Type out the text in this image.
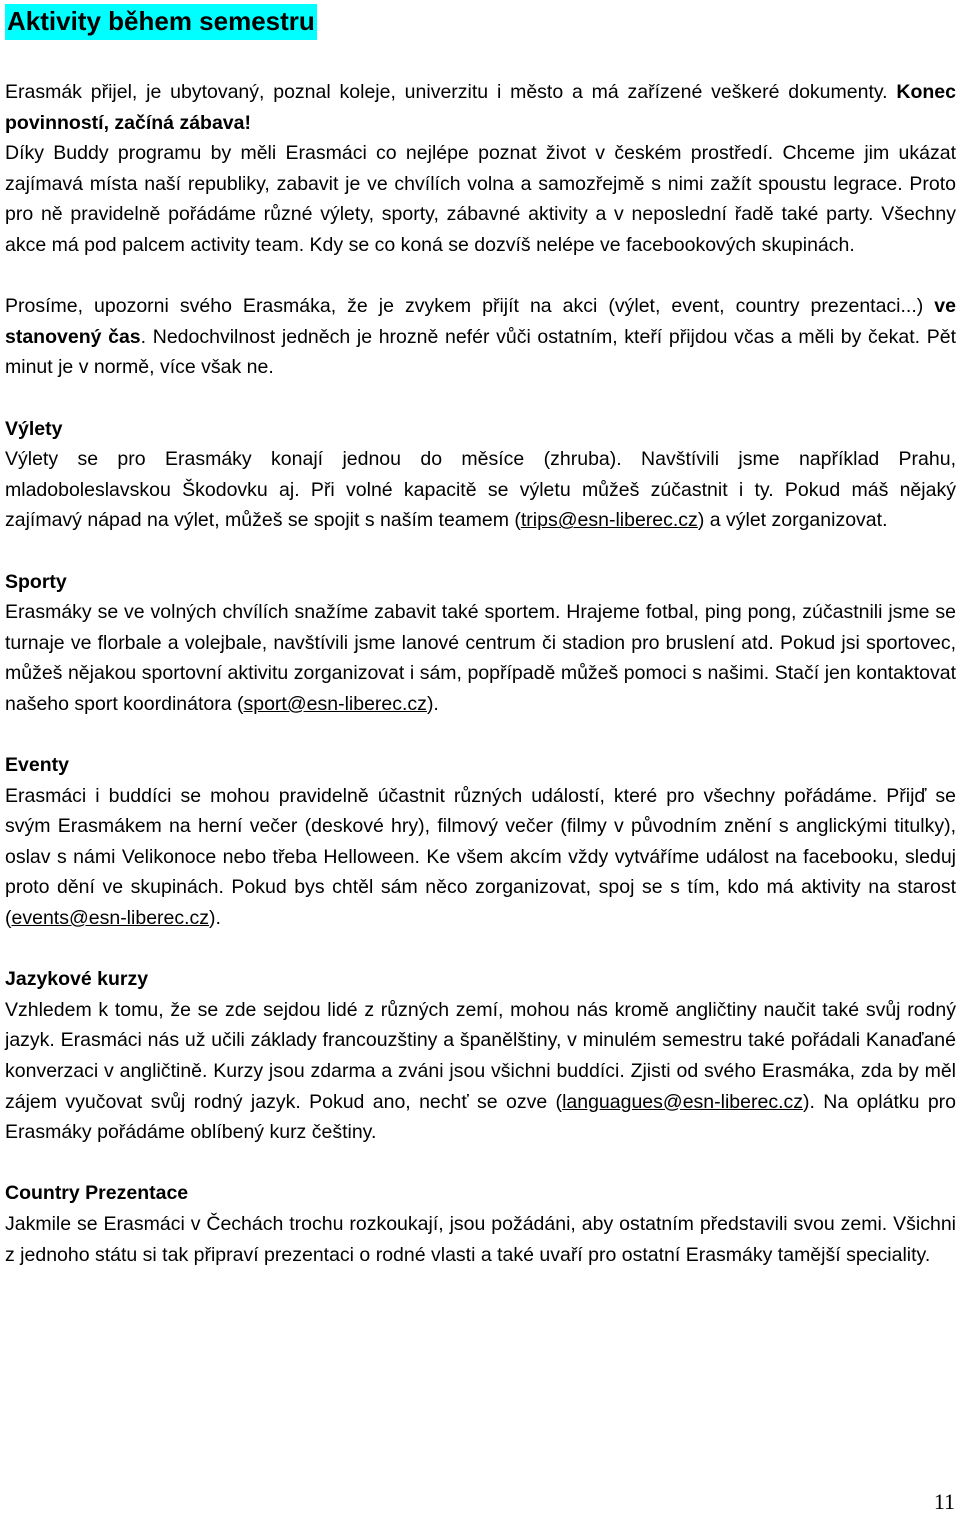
Aktivity během semestru

Erasmák přijel, je ubytovaný, poznal koleje, univerzitu i město a má zařízené veškeré dokumenty. Konec povinností, začíná zábava!

Díky Buddy programu by měli Erasmáci co nejlépe poznat život v českém prostředí. Chceme jim ukázat zajímavá místa naší republiky, zabavit je ve chvílích volna a samozřejmě s nimi zažít spoustu legrace. Proto pro ně pravidelně pořádáme různé výlety, sporty, zábavné aktivity a v neposlední řadě také party. Všechny akce má pod palcem activity team. Kdy se co koná se dozvíš nelépe ve facebookových skupinách.

Prosíme, upozorni svého Erasmáka, že je zvykem přijít na akci (výlet, event, country prezentaci...) ve stanovený čas. Nedochvilnost jedněch je hrozně nefér vůči ostatním, kteří přijdou včas a měli by čekat. Pět minut je v normě, více však ne.

Výlety

Výlety se pro Erasmáky konají jednou do měsíce (zhruba). Navštívili jsme například Prahu, mladoboleslavskou Škodovku aj. Při volné kapacitě se výletu můžeš zúčastnit i ty. Pokud máš nějaký zajímavý nápad na výlet, můžeš se spojit s naším teamem (trips@esn-liberec.cz) a výlet zorganizovat.

Sporty

Erasmáky se ve volných chvílích snažíme zabavit také sportem. Hrajeme fotbal, ping pong, zúčastnili jsme se turnaje ve florbale a volejbale, navštívili jsme lanové centrum či stadion pro bruslení atd. Pokud jsi sportovec, můžeš nějakou sportovní aktivitu zorganizovat i sám, popřípadě můžeš pomoci s našimi. Stačí jen kontaktovat našeho sport koordinátora (sport@esn-liberec.cz).

Eventy

Erasmáci i buddíci se mohou pravidelně účastnit různých událostí, které pro všechny pořádáme. Přijď se svým Erasmákem na herní večer (deskové hry), filmový večer (filmy v původním znění s anglickými titulky), oslav s námi Velikonoce nebo třeba Helloween. Ke všem akcím vždy vytváříme událost na facebooku, sleduj proto dění ve skupinách. Pokud bys chtěl sám něco zorganizovat, spoj se s tím, kdo má aktivity na starost (events@esn-liberec.cz).

Jazykové kurzy

Vzhledem k tomu, že se zde sejdou lidé z různých zemí, mohou nás kromě angličtiny naučit také svůj rodný jazyk. Erasmáci nás už učili základy francouzštiny a španělštiny, v minulém semestru také pořádali Kanaďané konverzaci v angličtině. Kurzy jsou zdarma a zváni jsou všichni buddíci. Zjisti od svého Erasmáka, zda by měl zájem vyučovat svůj rodný jazyk. Pokud ano, nechť se ozve (languagues@esn-liberec.cz). Na oplátku pro Erasmáky pořádáme oblíbený kurz češtiny.

Country Prezentace

Jakmile se Erasmáci v Čechách trochu rozkoukají, jsou požádáni, aby ostatním představili svou zemi. Všichni z jednoho státu si tak připraví prezentaci o rodné vlasti a také uvaří pro ostatní Erasmáky tamější speciality.

11
